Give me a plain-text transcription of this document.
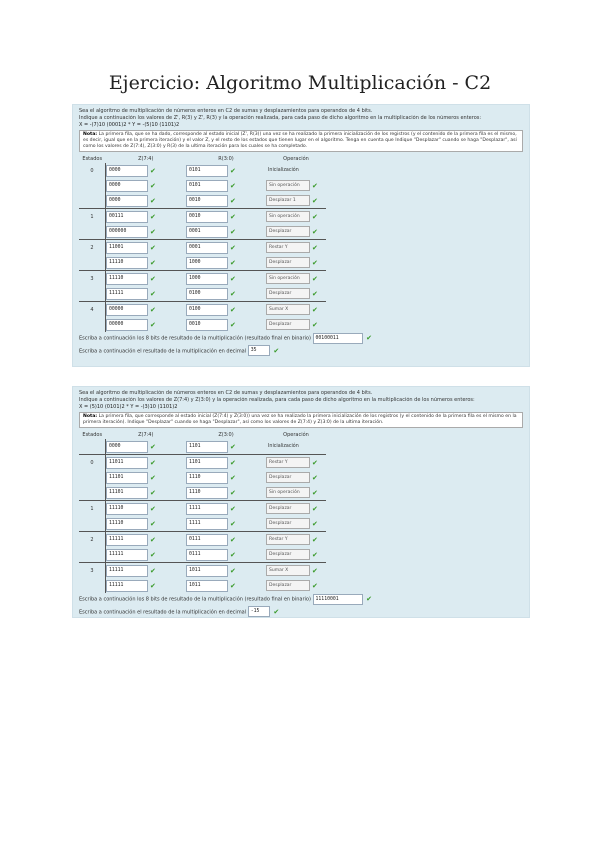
Ejercicio: Algoritmo Multiplicación - C2
Sea el algoritmo de multiplicación de números enteros en C2 de sumas y desplazamientos para operandos de 4 bits.
Indique a continuación los valores de Z', R(3) y Z', R(3) y la operación realizada, para cada paso de dicho algoritmo en la multiplicación de los números enteros:
X = -(7)10 (0001)2 * Y = -(5)10 (1101)2
Nota: La primera fila, que se ha dado, corresponde al estado inicial (Z', R(3)) una vez se ha realizado la primera inicialización de los registros (y el contenido de la primera fila es el mismo, es decir, igual que en la primera iteración) y el valor Z, y el resto de los estados que tienen lugar en el algoritmo. Tenga en cuenta que Indique "Desplazar" cuando se haga "Desplazar", así como los valores de Z(7:4), Z(3:0) y R(3) de la ultima iteración para los cuales se ha completado.
Estados	Z(7:4)	R(3:0)	Operación
0	0000 ✔	0101 ✔	Inicialización
	0000 ✔	0101 ✔	Sin operación ✔
	0000 ✔	0010 ✔	Desplazar 1 ✔
1	00111 ✔	0010 ✔	Sin operación ✔
	000000 ✔	0001 ✔	Desplazar ✔
2	11001 ✔	0001 ✔	Restar Y ✔
	11110 ✔	1000 ✔	Desplazar ✔
3	11110 ✔	1000 ✔	Sin operación ✔
	11111 ✔	0100 ✔	Desplazar ✔
4	00000 ✔	0100 ✔	Sumar X ✔
	00000 ✔	0010 ✔	Desplazar ✔
Escriba a continuación los 8 bits de resultado de la multiplicación (resultado final en binario) 00100011	✔
Escriba a continuación el resultado de la multiplicación en decimal 35 ✔
Sea el algoritmo de multiplicación de números enteros en C2 de sumas y desplazamientos para operandos de 4 bits.
Indique a continuación los valores de Z(7:4) y Z(3:0) y la operación realizada, para cada paso de dicho algoritmo en la multiplicación de los números enteros:
X = (5)10 (0101)2 * Y = -(3)10 (1101)2
Nota: La primera fila, que corresponde al estado inicial (Z(7:4) y Z(3:0)) una vez se ha realizado la primera inicialización de los registros (y el contenido de la primera fila es el mismo en la primera iteración). Indique "Desplazar" cuando se haga "Desplazar", así como los valores de Z(7:4) y Z(3:0) de la ultima iteración.
Estados	Z(7:4)	Z(3:0)	Operación
	0000 ✔	1101 ✔	Inicialización
0	11011 ✔	1101 ✔	Restar Y ✔
	11101 ✔	1110 ✔	Desplazar ✔
	11101 ✔	1110 ✔	Sin operación ✔
1	11110 ✔	1111 ✔	Desplazar ✔
	11110 ✔	1111 ✔	Desplazar ✔
2	11111 ✔	0111 ✔	Restar Y ✔
	11111 ✔	0111 ✔	Desplazar ✔
3	11111 ✔	1011 ✔	Sumar X ✔
	11111 ✔	1011 ✔	Desplazar ✔
Escriba a continuación los 8 bits de resultado de la multiplicación (resultado final en binario) 11110001	✔
Escriba a continuación el resultado de la multiplicación en decimal -15 ✔
